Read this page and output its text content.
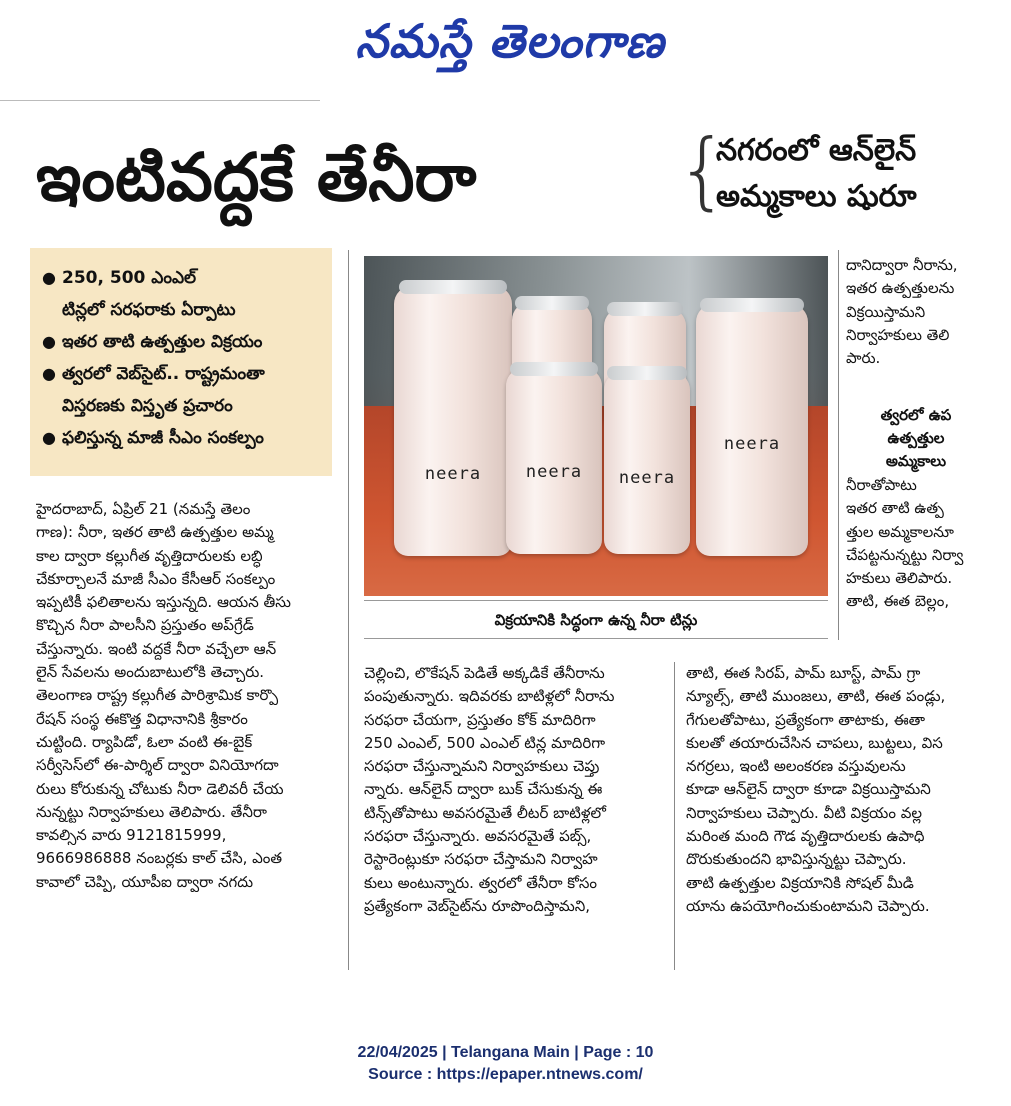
నమస్తే తెలంగాణ
ఇంటివద్దకే తేనీరా	{
నగరంలో ఆన్‌లైన్
అమ్మకాలు షురూ
● 250, 500 ఎంఎల్
టిన్లలో సరఫరాకు ఏర్పాటు
● ఇతర తాటి ఉత్పత్తుల విక్రయం
● త్వరలో వెబ్‌సైట్.. రాష్ట్రమంతా
విస్తరణకు విస్తృత ప్రచారం
● ఫలిస్తున్న మాజీ సీఎం సంకల్పం
neera	neera	neera
neera
విక్రయానికి సిద్ధంగా ఉన్న నీరా టిన్లు
హైదరాబాద్, ఏప్రిల్ 21 (నమస్తే తెలం
గాణ): నీరా, ఇతర తాటి ఉత్పత్తుల అమ్మ
కాల ద్వారా కల్లుగీత వృత్తిదారులకు లబ్ధి
చేకూర్చాలనే మాజీ సీఎం కేసీఆర్ సంకల్పం
ఇప్పటికీ ఫలితాలను ఇస్తున్నది. ఆయన తీసు
కొచ్చిన నీరా పాలసీని ప్రస్తుతం అప్‌గ్రేడ్
చేస్తున్నారు. ఇంటి వద్దకే నీరా వచ్చేలా ఆన్
లైన్ సేవలను అందుబాటులోకి తెచ్చారు.
తెలంగాణ రాష్ట్ర కల్లుగీత పారిశ్రామిక కార్పొ
రేషన్ సంస్థ ఈకొత్త విధానానికి శ్రీకారం
చుట్టింది. ర్యాపిడో, ఓలా వంటి ఈ-బైక్
సర్వీసెస్‌లో ఈ-పార్శిల్ ద్వారా వినియోగదా
రులు కోరుకున్న చోటుకు నీరా డెలివరీ చేయ
నున్నట్టు నిర్వాహకులు తెలిపారు. తేనీరా
కావల్సిన వారు 9121815999,
9666986888 నంబర్లకు కాల్ చేసి, ఎంత
కావాలో చెప్పి, యూపీఐ ద్వారా నగదు
చెల్లించి, లొకేషన్ పెడితే అక్కడికే తేనీరాను
పంపుతున్నారు. ఇదివరకు బాటిళ్లలో నీరాను
సరఫరా చేయగా, ప్రస్తుతం కోక్ మాదిరిగా
250 ఎంఎల్, 500 ఎంఎల్ టిన్ల మాదిరిగా
సరఫరా చేస్తున్నామని నిర్వాహకులు చెప్తు
న్నారు. ఆన్‌లైన్ ద్వారా బుక్ చేసుకున్న ఈ
టిన్స్‌తోపాటు అవసరమైతే లీటర్ బాటిళ్లలో
సరఫరా చేస్తున్నారు. అవసరమైతే పబ్స్,
రెస్టారెంట్లుకూ సరఫరా చేస్తామని నిర్వాహ
కులు అంటున్నారు. త్వరలో తేనీరా కోసం
ప్రత్యేకంగా వెబ్‌సైట్‌ను రూపొందిస్తామని,
తాటి, ఈత సిరప్, పామ్ బూస్ట్, పామ్ గ్రా
న్యూల్స్, తాటి ముంజలు, తాటి, ఈత పండ్లు,
గేగులతోపాటు, ప్రత్యేకంగా తాటాకు, ఈతా
కులతో తయారుచేసిన చాపలు, బుట్టలు, విస
నగర్రలు, ఇంటి అలంకరణ వస్తువులను
కూడా ఆన్‌లైన్ ద్వారా కూడా విక్రయిస్తామని
నిర్వాహకులు చెప్పారు. వీటి విక్రయం వల్ల
మరింత మంది గౌడ వృత్తిదారులకు ఉపాధి
దొరుకుతుందని భావిస్తున్నట్టు చెప్పారు.
తాటి ఉత్పత్తుల విక్రయానికి సోషల్ మీడి
యాను ఉపయోగించుకుంటామని చెప్పారు.
దానిద్వారా నీరాను,
ఇతర ఉత్పత్తులను
విక్రయిస్తామని
నిర్వాహకులు తెలి
పారు.
త్వరలో ఉప
ఉత్పత్తుల
అమ్మకాలు
నీరాతోపాటు
ఇతర తాటి ఉత్ప
త్తుల అమ్మకాలనూ
చేపట్టనున్నట్టు నిర్వా
హకులు తెలిపారు.
తాటి, ఈత బెల్లం,
22/04/2025 | Telangana Main | Page : 10
Source : https://epaper.ntnews.com/
